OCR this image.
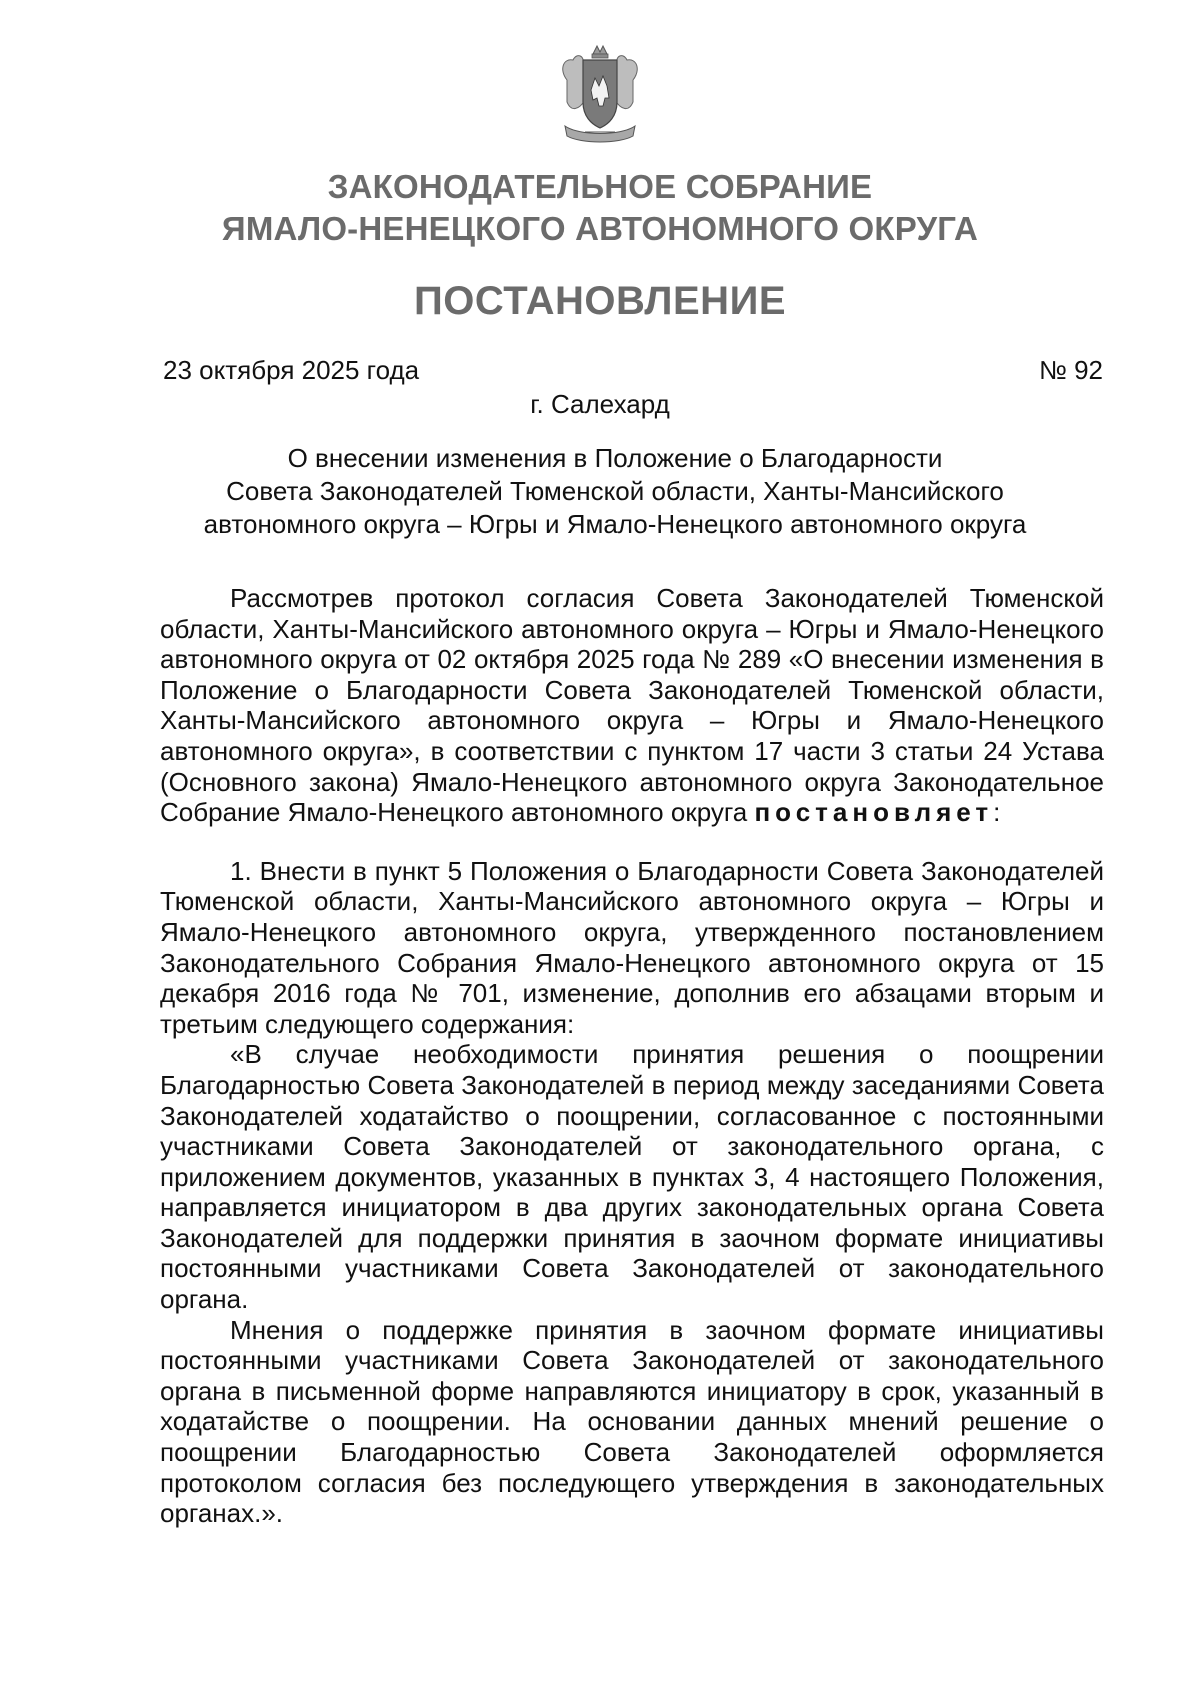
ЗАКОНОДАТЕЛЬНОЕ СОБРАНИЕ
ЯМАЛО-НЕНЕЦКОГО АВТОНОМНОГО ОКРУГА
ПОСТАНОВЛЕНИЕ
23 октября 2025 года	№ 92
г. Салехард
О внесении изменения в Положение о Благодарности
Совета Законодателей Тюменской области, Ханты-Мансийского
автономного округа – Югры и Ямало-Ненецкого автономного округа

Рассмотрев протокол согласия Совета Законодателей Тюменской области, Ханты-Мансийского автономного округа – Югры и Ямало-Ненецкого автономного округа от 02 октября 2025 года № 289 «О внесении изменения в Положение о Благодарности Совета Законодателей Тюменской области, Ханты-Мансийского автономного округа – Югры и Ямало-Ненецкого автономного округа», в соответствии с пунктом 17 части 3 статьи 24 Устава (Основного закона) Ямало-Ненецкого автономного округа Законодательное Собрание Ямало-Ненецкого автономного округа постановляет:

1. Внести в пункт 5 Положения о Благодарности Совета Законодателей Тюменской области, Ханты-Мансийского автономного округа – Югры и Ямало-Ненецкого автономного округа, утвержденного постановлением Законодательного Собрания Ямало-Ненецкого автономного округа от 15 декабря 2016 года № 701, изменение, дополнив его абзацами вторым и третьим следующего содержания:

«В случае необходимости принятия решения о поощрении Благодарностью Совета Законодателей в период между заседаниями Совета Законодателей ходатайство о поощрении, согласованное с постоянными участниками Совета Законодателей от законодательного органа, с приложением документов, указанных в пунктах 3, 4 настоящего Положения, направляется инициатором в два других законодательных органа Совета Законодателей для поддержки принятия в заочном формате инициативы постоянными участниками Совета Законодателей от законодательного органа.

Мнения о поддержке принятия в заочном формате инициативы постоянными участниками Совета Законодателей от законодательного органа в письменной форме направляются инициатору в срок, указанный в ходатайстве о поощрении. На основании данных мнений решение о поощрении Благодарностью Совета Законодателей оформляется протоколом согласия без последующего утверждения в законодательных органах.».
